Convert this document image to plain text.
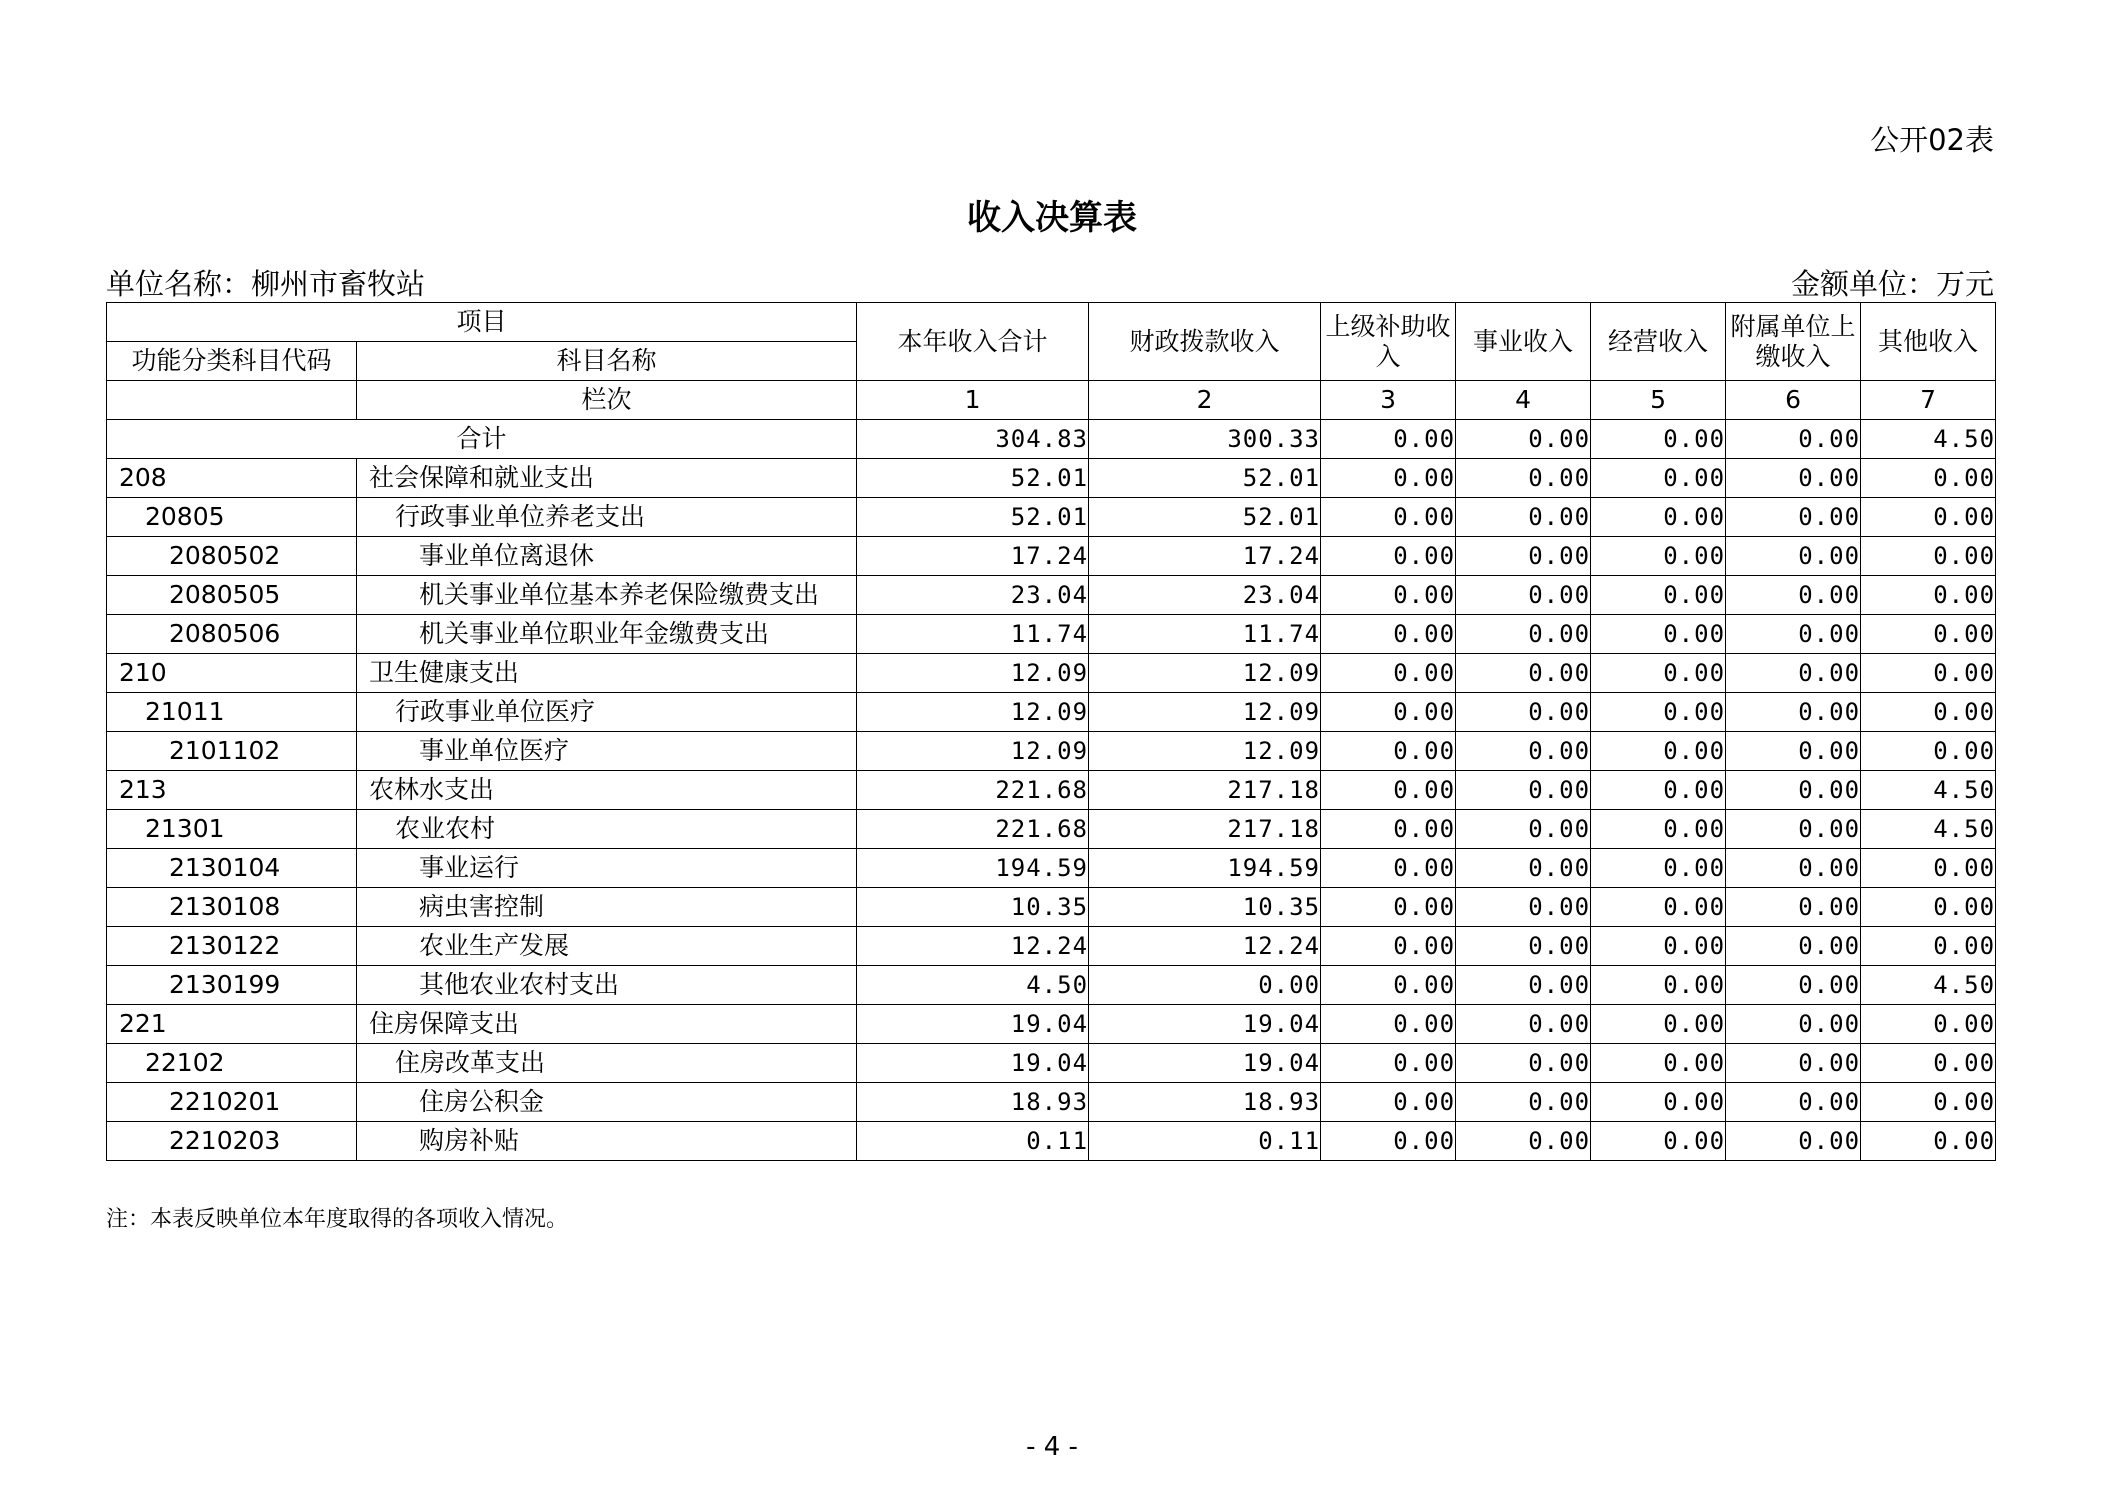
公开02表
收入决算表
单位名称：柳州市畜牧站	金额单位：万元
项目		本年收入合计	财政拨款收入	上级补助收入	事业收入	经营收入	附属单位上缴收入	其他收入
功能分类科目代码	科目名称							
	栏次	1	2	3	4	5	6	7
合计		304.83	300.33	0.00	0.00	0.00	0.00	4.50
208	社会保障和就业支出	52.01	52.01	0.00	0.00	0.00	0.00	0.00
20805	行政事业单位养老支出	52.01	52.01	0.00	0.00	0.00	0.00	0.00
2080502	事业单位离退休	17.24	17.24	0.00	0.00	0.00	0.00	0.00
2080505	机关事业单位基本养老保险缴费支出	23.04	23.04	0.00	0.00	0.00	0.00	0.00
2080506	机关事业单位职业年金缴费支出	11.74	11.74	0.00	0.00	0.00	0.00	0.00
210	卫生健康支出	12.09	12.09	0.00	0.00	0.00	0.00	0.00
21011	行政事业单位医疗	12.09	12.09	0.00	0.00	0.00	0.00	0.00
2101102	事业单位医疗	12.09	12.09	0.00	0.00	0.00	0.00	0.00
213	农林水支出	221.68	217.18	0.00	0.00	0.00	0.00	4.50
21301	农业农村	221.68	217.18	0.00	0.00	0.00	0.00	4.50
2130104	事业运行	194.59	194.59	0.00	0.00	0.00	0.00	0.00
2130108	病虫害控制	10.35	10.35	0.00	0.00	0.00	0.00	0.00
2130122	农业生产发展	12.24	12.24	0.00	0.00	0.00	0.00	0.00
2130199	其他农业农村支出	4.50	0.00	0.00	0.00	0.00	0.00	4.50
221	住房保障支出	19.04	19.04	0.00	0.00	0.00	0.00	0.00
22102	住房改革支出	19.04	19.04	0.00	0.00	0.00	0.00	0.00
2210201	住房公积金	18.93	18.93	0.00	0.00	0.00	0.00	0.00
2210203	购房补贴	0.11	0.11	0.00	0.00	0.00	0.00	0.00
注：本表反映单位本年度取得的各项收入情况。
- 4 -
